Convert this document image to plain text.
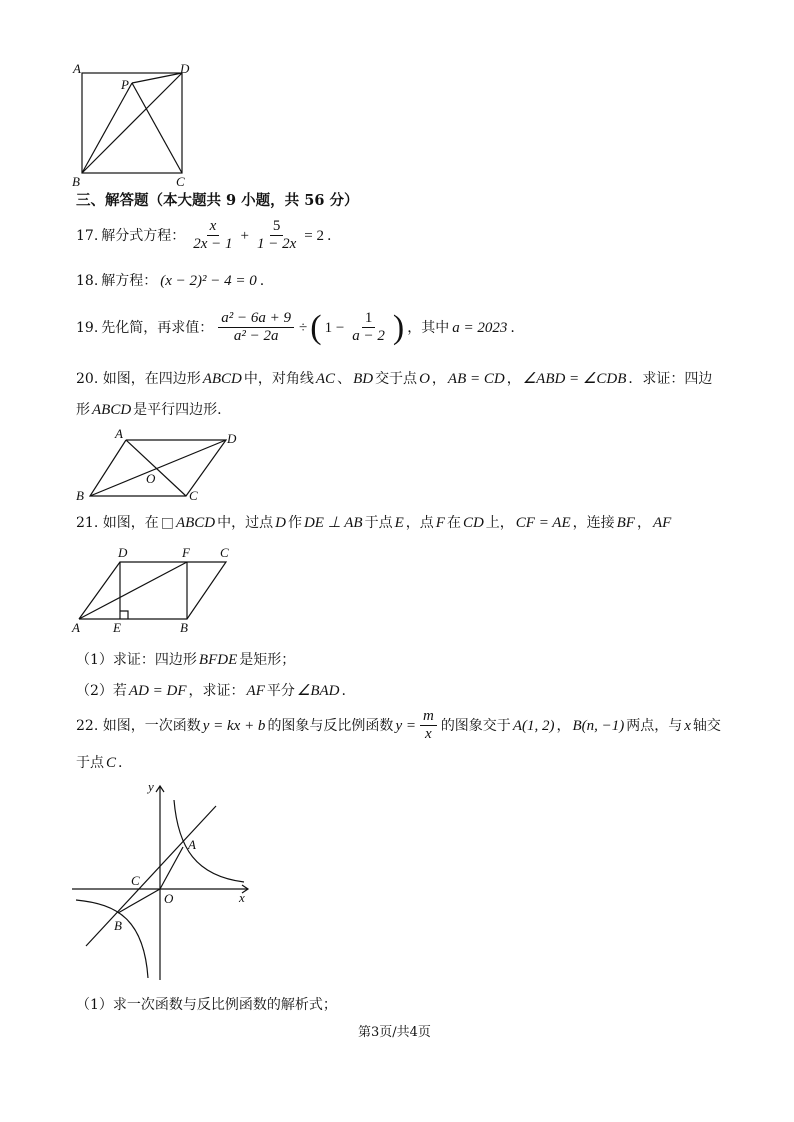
A	D
P
B	C
三、解答题（本大题共 9 小题，共 56 分）
17. 解分式方程： $\frac{x}{2x - 1} + \frac{5}{1 - 2x} = 2$ .
18. 解方程： (x − 2)² − 4 = 0 .
19. 先化简，再求值： $\frac{\text{a² − 6a + 9}}{\text{a² − 2a}}$ ÷ ( $1 - \frac{1}{a - 2}$ ) ，其中 a = 2023 .
20. 如图，在四边形 ABCD 中，对角线 AC 、 BD 交于点 O ， AB = CD ， ∠ABD = ∠CDB ．求证：四边
形 ABCD 是平行四边形.
A	D
O
B	C
21. 如图，在 □ ABCD 中，过点 D 作 DE ⊥ AB 于点 E ，点 F 在 CD 上， CF = AE ，连接 BF ， AF
D	F C
A	E	B
（1）求证：四边形 BFDE 是矩形；
（2）若 AD = DF ，求证： AF 平分 ∠BAD .
22. 如图，一次函数 y = kx + b 的图象与反比例函数 $y = \frac{m}{x}$ 的图象交于 A(1, 2) ， B(n, −1) 两点，与 x 轴交
于点 C .
y
x
O
A
B
C
（1）求一次函数与反比例函数的解析式；
第3页/共4页
